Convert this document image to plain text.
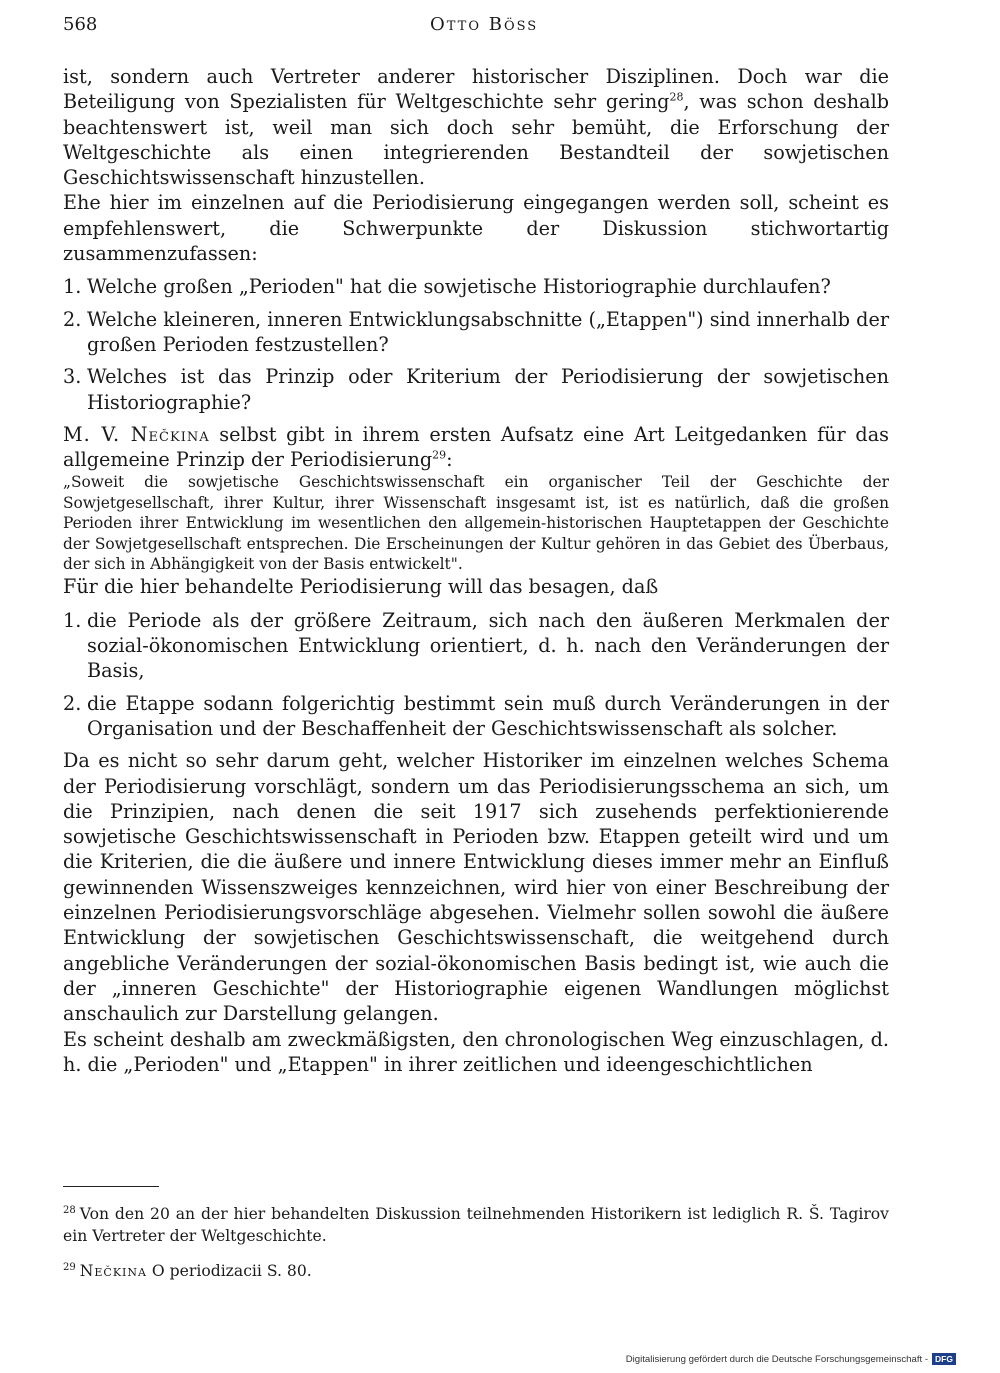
568	Otto Böss

ist, sondern auch Vertreter anderer historischer Disziplinen. Doch war die Beteiligung von Spezialisten für Weltgeschichte sehr gering$^{28}$, was schon deshalb beachtenswert ist, weil man sich doch sehr bemüht, die Erforschung der Weltgeschichte als einen integrierenden Bestandteil der sowjetischen Geschichtswissenschaft hinzustellen.

Ehe hier im einzelnen auf die Periodisierung eingegangen werden soll, scheint es empfehlenswert, die Schwerpunkte der Diskussion stichwortartig zusammenzufassen:

1. Welche großen „Perioden" hat die sowjetische Historiographie durchlaufen?
2. Welche kleineren, inneren Entwicklungsabschnitte („Etappen") sind innerhalb der großen Perioden festzustellen?
3. Welches ist das Prinzip oder Kriterium der Periodisierung der sowjetischen Historiographie?

M. V. Nečkina selbst gibt in ihrem ersten Aufsatz eine Art Leitgedanken für das allgemeine Prinzip der Periodisierung$^{29}$:

„Soweit die sowjetische Geschichtswissenschaft ein organischer Teil der Geschichte der Sowjetgesellschaft, ihrer Kultur, ihrer Wissenschaft insgesamt ist, ist es natürlich, daß die großen Perioden ihrer Entwicklung im wesentlichen den allgemein-historischen Hauptetappen der Geschichte der Sowjetgesellschaft entsprechen. Die Erscheinungen der Kultur gehören in das Gebiet des Überbaus, der sich in Abhängigkeit von der Basis entwickelt".

Für die hier behandelte Periodisierung will das besagen, daß

1. die Periode als der größere Zeitraum, sich nach den äußeren Merkmalen der sozial-ökonomischen Entwicklung orientiert, d. h. nach den Veränderungen der Basis,
2. die Etappe sodann folgerichtig bestimmt sein muß durch Veränderungen in der Organisation und der Beschaffenheit der Geschichtswissenschaft als solcher.

Da es nicht so sehr darum geht, welcher Historiker im einzelnen welches Schema der Periodisierung vorschlägt, sondern um das Periodisierungsschema an sich, um die Prinzipien, nach denen die seit 1917 sich zusehends perfektionierende sowjetische Geschichtswissenschaft in Perioden bzw. Etappen geteilt wird und um die Kriterien, die die äußere und innere Entwicklung dieses immer mehr an Einfluß gewinnenden Wissenszweiges kennzeichnen, wird hier von einer Beschreibung der einzelnen Periodisierungsvorschläge abgesehen. Vielmehr sollen sowohl die äußere Entwicklung der sowjetischen Geschichtswissenschaft, die weitgehend durch angebliche Veränderungen der sozial-ökonomischen Basis bedingt ist, wie auch die der „inneren Geschichte" der Historiographie eigenen Wandlungen möglichst anschaulich zur Darstellung gelangen.

Es scheint deshalb am zweckmäßigsten, den chronologischen Weg einzuschlagen, d. h. die „Perioden" und „Etappen" in ihrer zeitlichen und ideengeschichtlichen

$^{28}$ Von den 20 an der hier behandelten Diskussion teilnehmenden Historikern ist lediglich R. Š. Tagirov ein Vertreter der Weltgeschichte.

$^{29}$ Nečkina O periodizacii S. 80.

Digitalisierung gefördert durch die Deutsche Forschungsgemeinschaft - DFG
